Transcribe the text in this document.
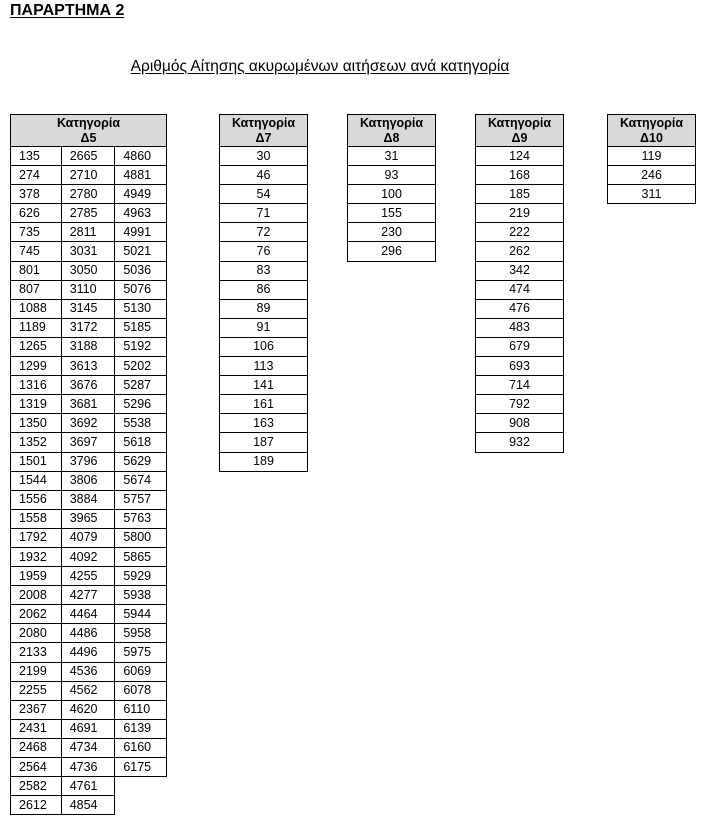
ΠΑΡΑΡΤΗΜΑ 2
Αριθμός Αίτησης ακυρωμένων αιτήσεων ανά κατηγορία
Κατηγορία
Δ5		
135	2665	4860
274	2710	4881
378	2780	4949
626	2785	4963
735	2811	4991
745	3031	5021
801	3050	5036
807	3110	5076
1088	3145	5130
1189	3172	5185
1265	3188	5192
1299	3613	5202
1316	3676	5287
1319	3681	5296
1350	3692	5538
1352	3697	5618
1501	3796	5629
1544	3806	5674
1556	3884	5757
1558	3965	5763
1792	4079	5800
1932	4092	5865
1959	4255	5929
2008	4277	5938
2062	4464	5944
2080	4486	5958
2133	4496	5975
2199	4536	6069
2255	4562	6078
2367	4620	6110
2431	4691	6139
2468	4734	6160
2564	4736	6175
2582	4761	
2612	4854	
Κατηγορία
Δ7
30
46
54
71
72
76
83
86
89
91
106
113
141
161
163
187
189
Κατηγορία
Δ8
31
93
100
155
230
296
Κατηγορία
Δ9
124
168
185
219
222
262
342
474
476
483
679
693
714
792
908
932
Κατηγορία
Δ10
119
246
311
